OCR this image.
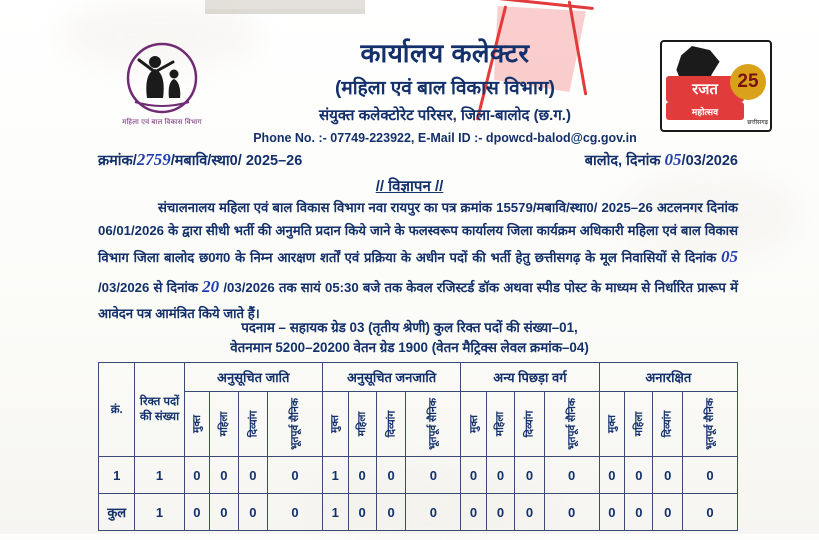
महिला एवं बाल विकास विभाग
रजत
महोत्सव
25
छत्तीसगढ़
कार्यालय कलेक्टर
(महिला एवं बाल विकास विभाग)
संयुक्त कलेक्टोरेट परिसर, जिला-बालोद (छ.ग.)
Phone No. :- 07749-223922, E-Mail ID :- dpowcd-balod@cg.gov.in
क्रमांक/2759/मबावि/स्था0/ 2025–26	बालोद, दिनांक 05/03/2026
// विज्ञापन //
संचालनालय महिला एवं बाल विकास विभाग नवा रायपुर का पत्र क्रमांक 15579/मबावि/स्था0/ 2025–26 अटलनगर दिनांक 06/01/2026 के द्वारा सीधी भर्ती की अनुमति प्रदान किये जाने के फलस्वरूप कार्यालय जिला कार्यक्रम अधिकारी महिला एवं बाल विकास विभाग जिला बालोद छ0ग0 के निम्न आरक्षण शर्तों एवं प्रक्रिया के अधीन पदों की भर्ती हेतु छत्तीसगढ़ के मूल निवासियों से दिनांक 05 /03/2026 से दिनांक 20 /03/2026 तक सायं 05:30 बजे तक केवल रजिस्टर्ड डॉक अथवा स्पीड पोस्ट के माध्यम से निर्धारित प्रारूप में आवेदन पत्र आमंत्रित किये जाते हैं।
पदनाम – सहायक ग्रेड 03 (तृतीय श्रेणी) कुल रिक्त पदों की संख्या–01,
वेतनमान 5200–20200 वेतन ग्रेड 1900 (वेतन मैट्रिक्स लेवल क्रमांक–04)
क्रं.	रिक्त पदों की संख्या	अनुसूचित जाति				अनुसूचित जनजाति				अन्य पिछड़ा वर्ग				अनारक्षित			
		मुक्त	महिला	दिव्यांग	भूतपूर्व सैनिक	मुक्त	महिला	दिव्यांग	भूतपूर्व सैनिक	मुक्त	महिला	दिव्यांग	भूतपूर्व सैनिक	मुक्त	महिला	दिव्यांग	भूतपूर्व सैनिक
1	1	0	0	0	0	1	0	0	0	0	0	0	0	0	0	0	0
कुल	1	0	0	0	0	1	0	0	0	0	0	0	0	0	0	0	0
